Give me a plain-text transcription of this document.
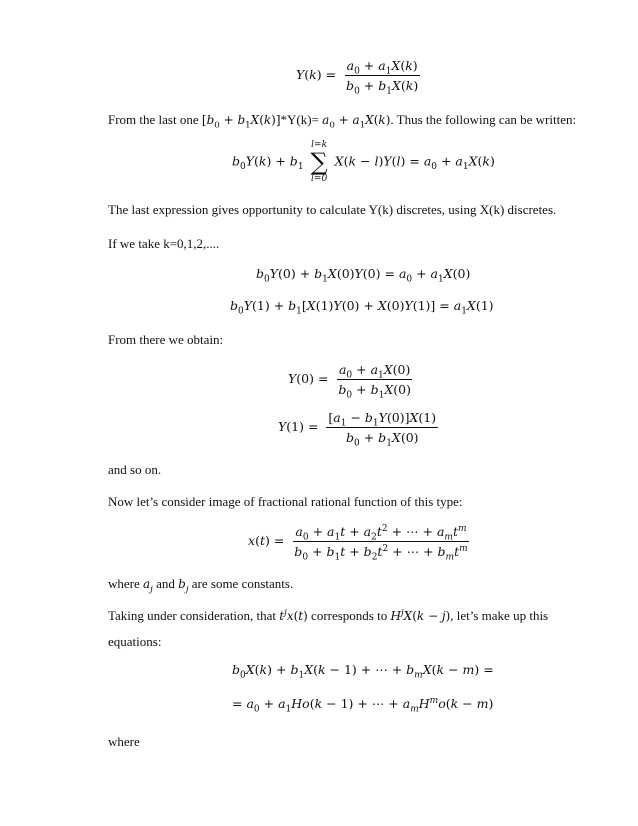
$Y(k) = \frac{a_0 + a_1X(k)}{b_0 + b_1X(k)}$

From the last one $[b_0 + b_1X(k)]*Y(k)= a_0 + a_1X(k)$. Thus the following can be written:

$b_0Y(k) + b_1$
l=k
∑
l=0
$X(k - l)Y(l) = a_0 + a_1X(k)$

The last expression gives opportunity to calculate Y(k) discretes, using X(k) discretes.

If we take k=0,1,2,....

$b_0Y(0) + b_1X(0)Y(0) = a_0 + a_1X(0)$
$b_0Y(1) + b_1[X(1)Y(0) + X(0)Y(1)] = a_1X(1)$

From there we obtain:

$Y(0) = \frac{a_0 + a_1X(0)}{b_0 + b_1X(0)}$
$Y(1) = \frac{[a_1 - b_1Y(0)]X(1)}{b_0 + b_1X(0)}$

and so on.

Now let’s consider image of fractional rational function of this type:

$x(t) = \frac{a_0 + a_1t + a_2t^2 + \cdots + a_mt^m}{b_0 + b_1t + b_2t^2 + \cdots + b_mt^m}$

where $a_j$ and $b_j$ are some constants.

Taking under consideration, that $t^jx(t)$ corresponds to $H^jX(k - j)$, let’s make up this

equations:

$b_0X(k) + b_1X(k - 1)$ + ⋯ + $b_mX(k - m)$ =
= $a_0 + a_1Ho(k - 1)$ + ⋯ + $a_mH^mo(k - m)$

where
